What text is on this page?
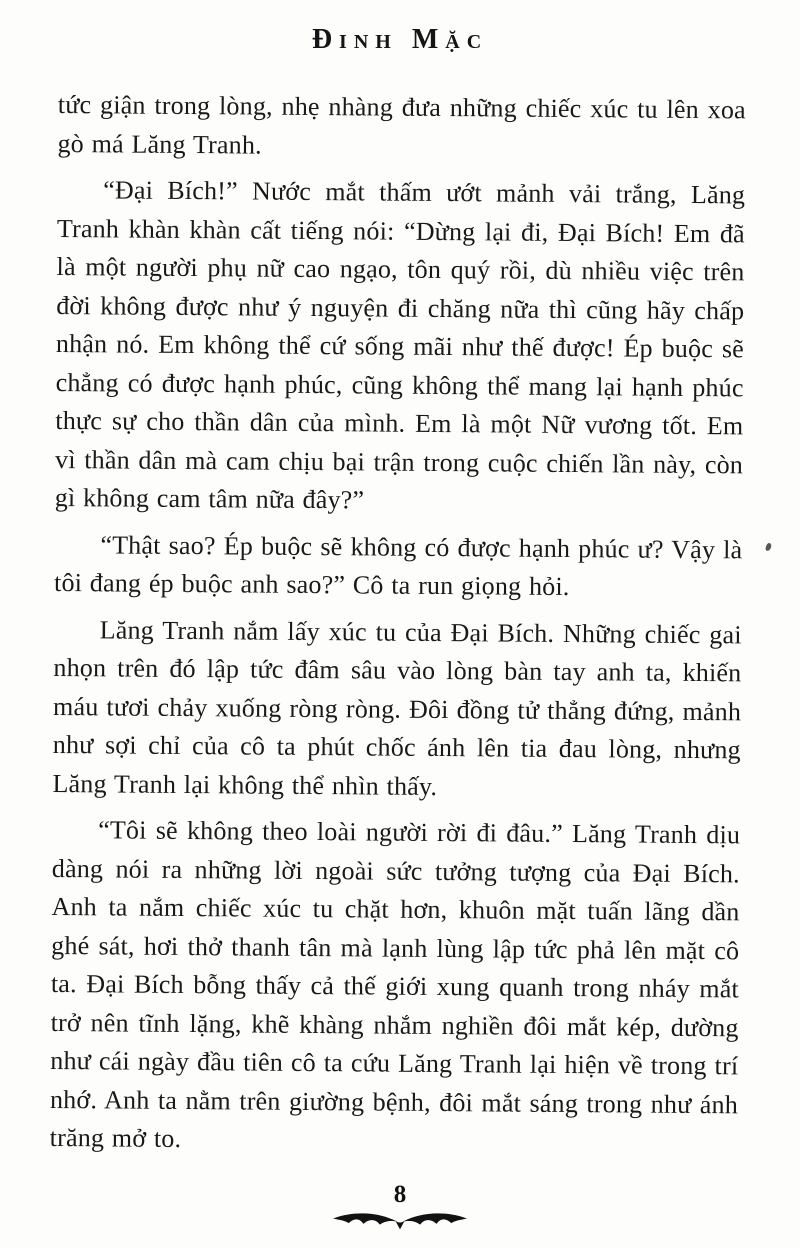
Đinh Mặc

tức giận trong lòng, nhẹ nhàng đưa những chiếc xúc tu lên xoa gò má Lăng Tranh.

“Đại Bích!” Nước mắt thấm ướt mảnh vải trắng, Lăng Tranh khàn khàn cất tiếng nói: “Dừng lại đi, Đại Bích! Em đã là một người phụ nữ cao ngạo, tôn quý rồi, dù nhiều việc trên đời không được như ý nguyện đi chăng nữa thì cũng hãy chấp nhận nó. Em không thể cứ sống mãi như thế được! Ép buộc sẽ chẳng có được hạnh phúc, cũng không thể mang lại hạnh phúc thực sự cho thần dân của mình. Em là một Nữ vương tốt. Em vì thần dân mà cam chịu bại trận trong cuộc chiến lần này, còn gì không cam tâm nữa đây?”

“Thật sao? Ép buộc sẽ không có được hạnh phúc ư? Vậy là tôi đang ép buộc anh sao?” Cô ta run giọng hỏi.

Lăng Tranh nắm lấy xúc tu của Đại Bích. Những chiếc gai nhọn trên đó lập tức đâm sâu vào lòng bàn tay anh ta, khiến máu tươi chảy xuống ròng ròng. Đôi đồng tử thẳng đứng, mảnh như sợi chỉ của cô ta phút chốc ánh lên tia đau lòng, nhưng Lăng Tranh lại không thể nhìn thấy.

“Tôi sẽ không theo loài người rời đi đâu.” Lăng Tranh dịu dàng nói ra những lời ngoài sức tưởng tượng của Đại Bích. Anh ta nắm chiếc xúc tu chặt hơn, khuôn mặt tuấn lãng dần ghé sát, hơi thở thanh tân mà lạnh lùng lập tức phả lên mặt cô ta. Đại Bích bỗng thấy cả thế giới xung quanh trong nháy mắt trở nên tĩnh lặng, khẽ khàng nhắm nghiền đôi mắt kép, dường như cái ngày đầu tiên cô ta cứu Lăng Tranh lại hiện về trong trí nhớ. Anh ta nằm trên giường bệnh, đôi mắt sáng trong như ánh trăng mở to.

8
